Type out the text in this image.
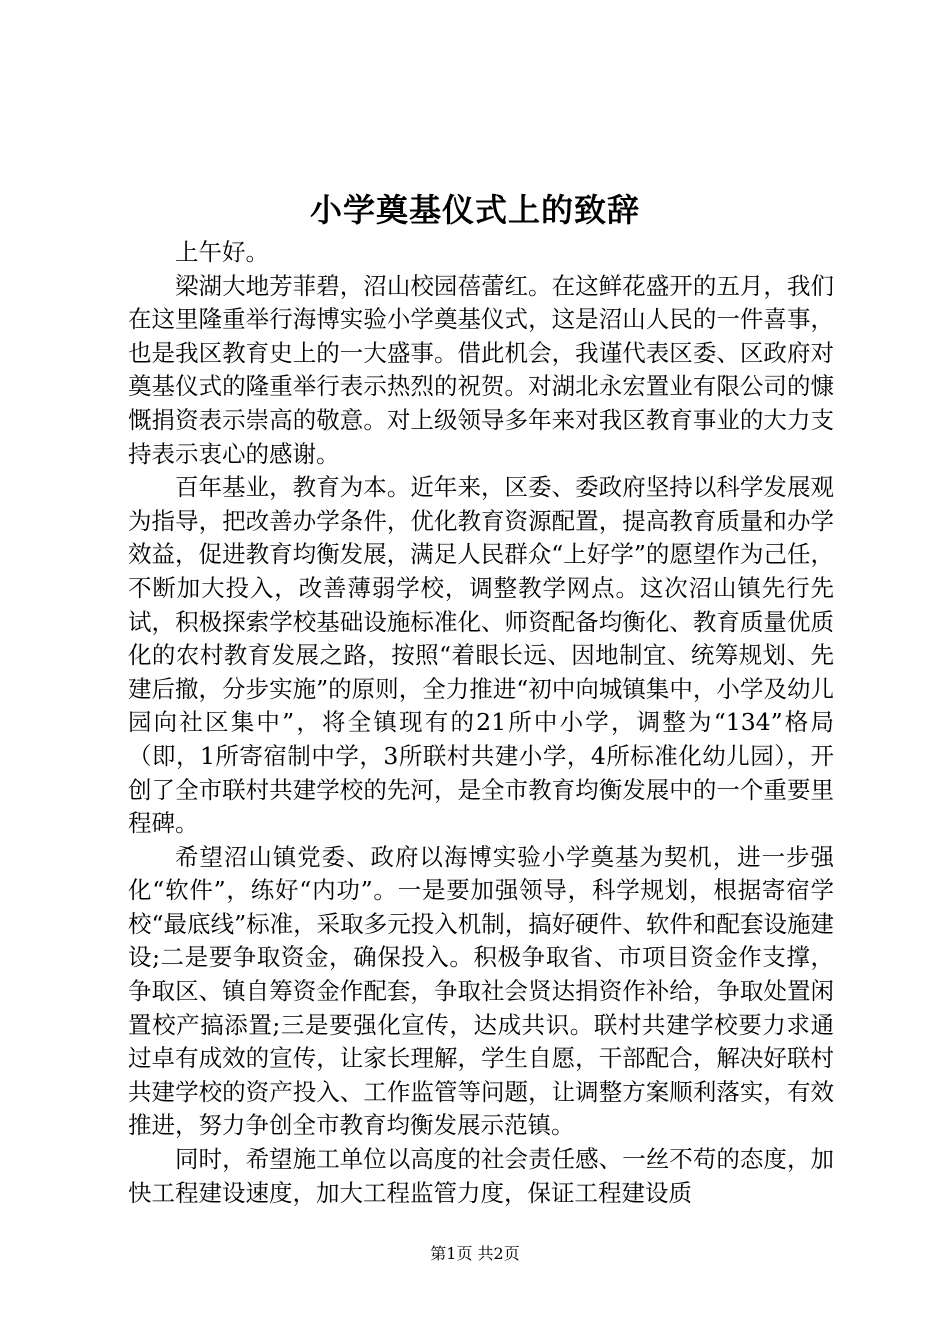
小学奠基仪式上的致辞

上午好。

梁湖大地芳菲碧，沼山校园蓓蕾红。在这鲜花盛开的五月，我们在这里隆重举行海博实验小学奠基仪式，这是沼山人民的一件喜事，也是我区教育史上的一大盛事。借此机会，我谨代表区委、区政府对奠基仪式的隆重举行表示热烈的祝贺。对湖北永宏置业有限公司的慷慨捐资表示崇高的敬意。对上级领导多年来对我区教育事业的大力支持表示衷心的感谢。

百年基业，教育为本。近年来，区委、委政府坚持以科学发展观为指导，把改善办学条件，优化教育资源配置，提高教育质量和办学效益，促进教育均衡发展，满足人民群众“上好学”的愿望作为己任，不断加大投入，改善薄弱学校，调整教学网点。这次沼山镇先行先试，积极探索学校基础设施标准化、师资配备均衡化、教育质量优质化的农村教育发展之路，按照“着眼长远、因地制宜、统筹规划、先建后撤，分步实施”的原则，全力推进“初中向城镇集中，小学及幼儿园向社区集中”，将全镇现有的21所中小学，调整为“134”格局（即，1所寄宿制中学，3所联村共建小学，4所标准化幼儿园），开创了全市联村共建学校的先河，是全市教育均衡发展中的一个重要里程碑。

希望沼山镇党委、政府以海博实验小学奠基为契机，进一步强化“软件”，练好“内功”。一是要加强领导，科学规划，根据寄宿学校“最底线”标准，采取多元投入机制，搞好硬件、软件和配套设施建设;二是要争取资金，确保投入。积极争取省、市项目资金作支撑，争取区、镇自筹资金作配套，争取社会贤达捐资作补给，争取处置闲置校产搞添置;三是要强化宣传，达成共识。联村共建学校要力求通过卓有成效的宣传，让家长理解，学生自愿，干部配合，解决好联村共建学校的资产投入、工作监管等问题，让调整方案顺利落实，有效推进，努力争创全市教育均衡发展示范镇。

同时，希望施工单位以高度的社会责任感、一丝不苟的态度，加快工程建设速度，加大工程监管力度，保证工程建设质

第1页 共2页
